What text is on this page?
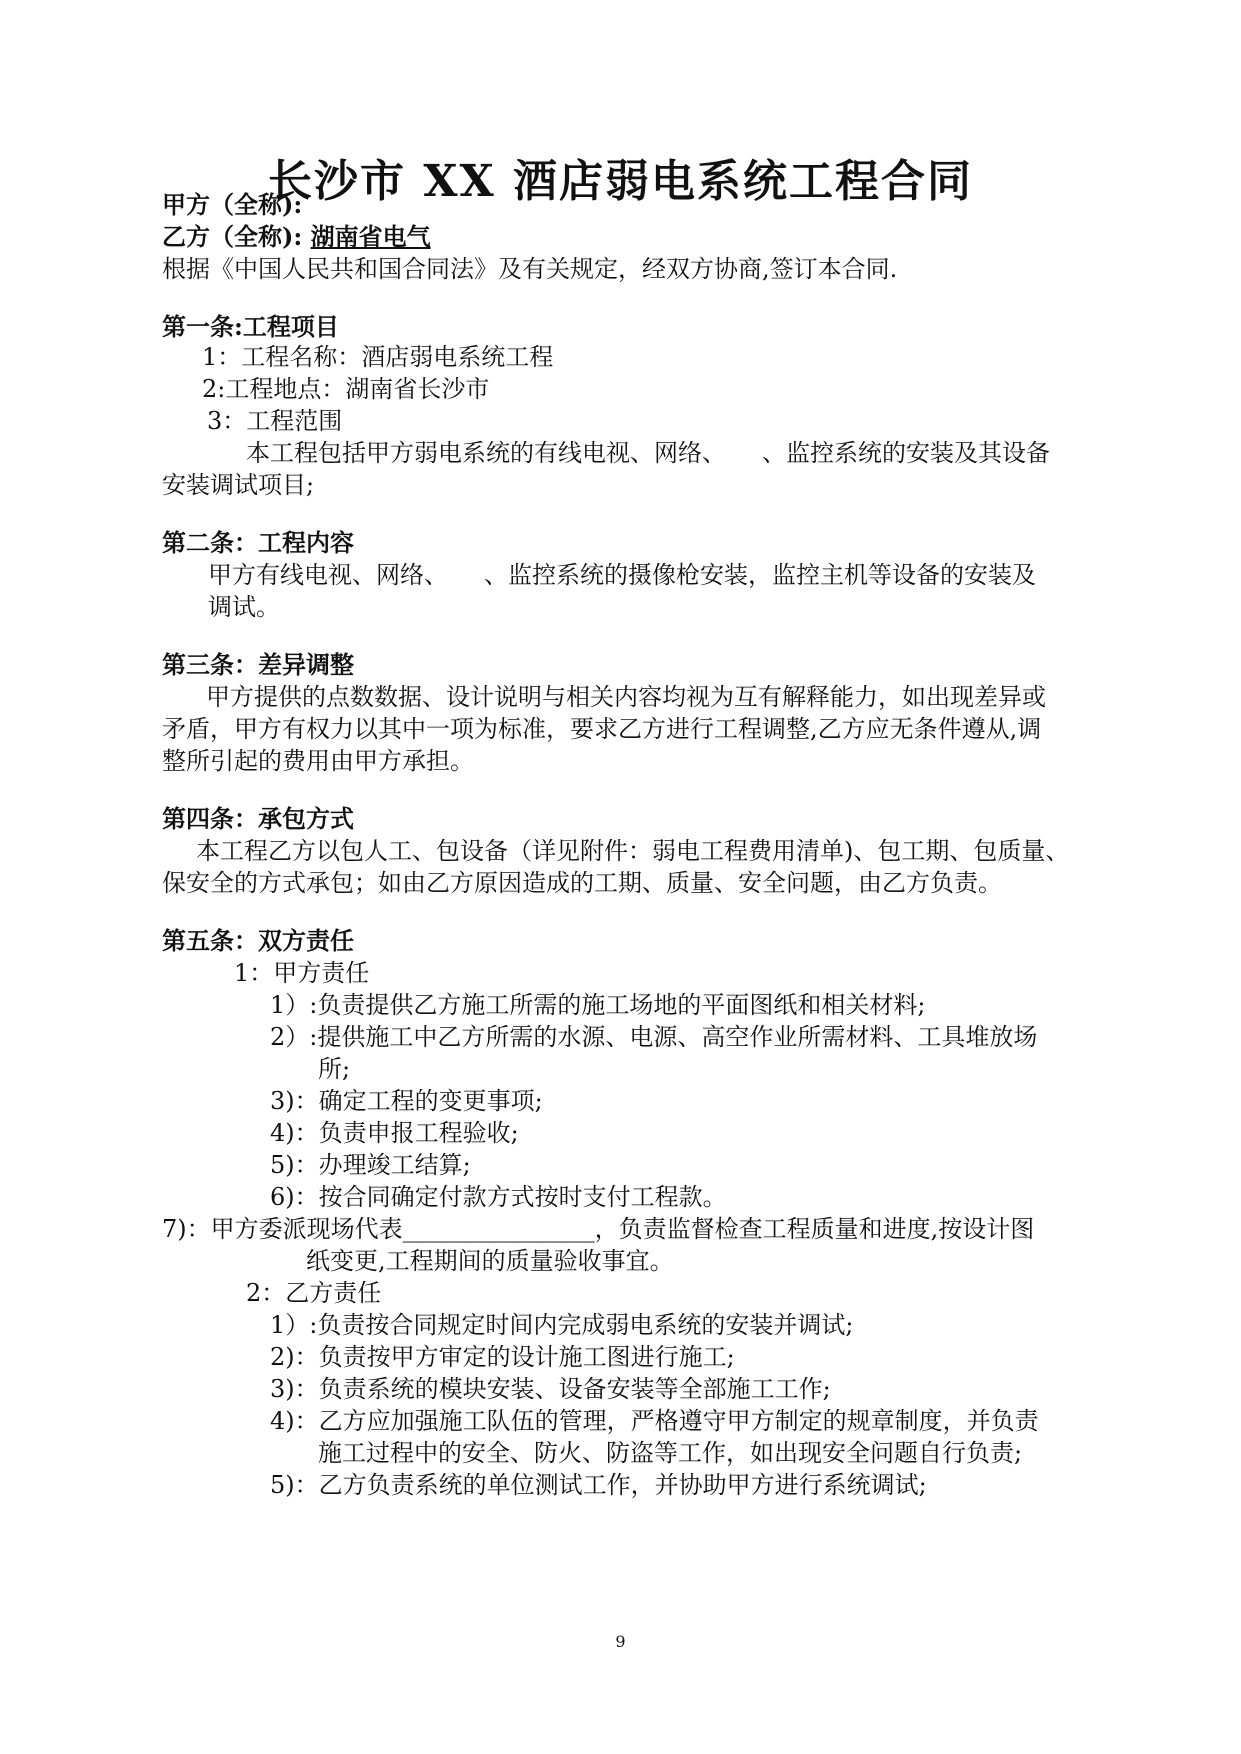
长沙市 XX 酒店弱电系统工程合同
甲方（全称):
乙方（全称): 湖南省电气
根据《中国人民共和国合同法》及有关规定，经双方协商,签订本合同.
第一条:工程项目
1：工程名称：酒店弱电系统工程
2:工程地点：湖南省长沙市
3：工程范围
本工程包括甲方弱电系统的有线电视、网络、　　、监控系统的安装及其设备
安装调试项目;
第二条：工程内容
甲方有线电视、网络、　　、监控系统的摄像枪安装，监控主机等设备的安装及
调试。
第三条：差异调整
甲方提供的点数数据、设计说明与相关内容均视为互有解释能力，如出现差异或
矛盾，甲方有权力以其中一项为标准，要求乙方进行工程调整,乙方应无条件遵从,调
整所引起的费用由甲方承担。
第四条：承包方式
本工程乙方以包人工、包设备（详见附件：弱电工程费用清单)、包工期、包质量、
保安全的方式承包；如由乙方原因造成的工期、质量、安全问题，由乙方负责。
第五条：双方责任
1：甲方责任
1）:负责提供乙方施工所需的施工场地的平面图纸和相关材料;
2）:提供施工中乙方所需的水源、电源、高空作业所需材料、工具堆放场
所;
3)：确定工程的变更事项;
4)：负责申报工程验收;
5)：办理竣工结算;
6)：按合同确定付款方式按时支付工程款。
7)：甲方委派现场代表________________，负责监督检查工程质量和进度,按设计图
纸变更,工程期间的质量验收事宜。
2：乙方责任
1）:负责按合同规定时间内完成弱电系统的安装并调试;
2)：负责按甲方审定的设计施工图进行施工;
3)：负责系统的模块安装、设备安装等全部施工工作;
4)：乙方应加强施工队伍的管理，严格遵守甲方制定的规章制度，并负责
施工过程中的安全、防火、防盗等工作，如出现安全问题自行负责;
5)：乙方负责系统的单位测试工作，并协助甲方进行系统调试;
9
